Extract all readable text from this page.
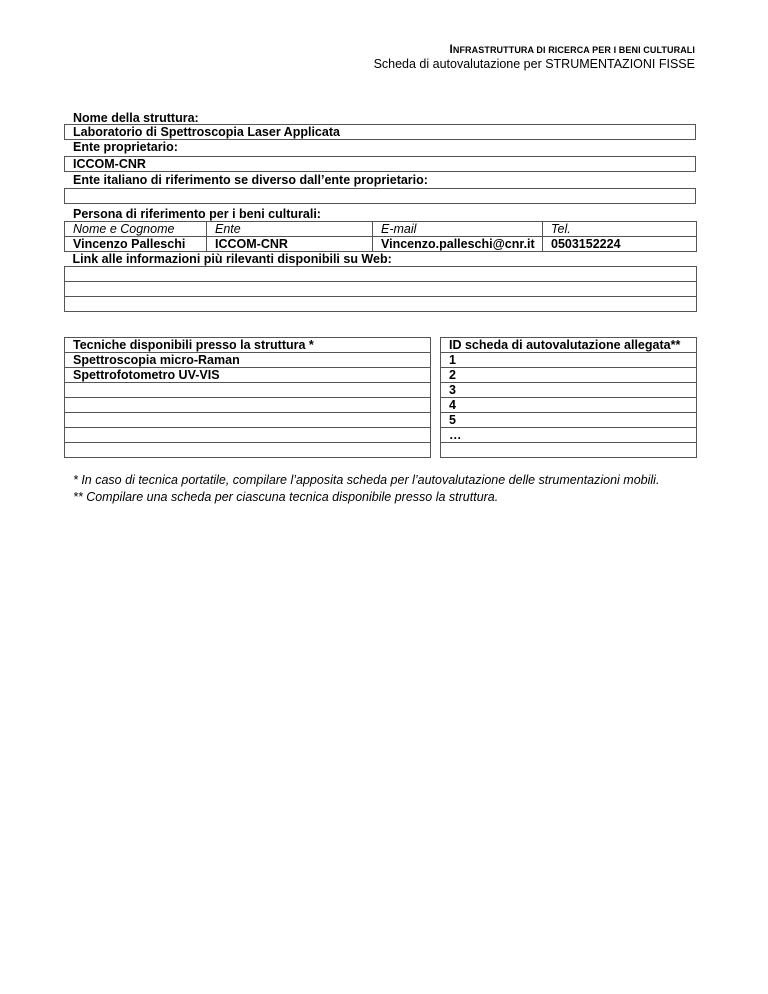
INFRASTRUTTURA DI RICERCA PER I BENI CULTURALI
Scheda di autovalutazione per STRUMENTAZIONI FISSE
Nome della struttura:
Laboratorio di Spettroscopia Laser Applicata
Ente proprietario:
ICCOM-CNR
Ente italiano di riferimento se diverso dall’ente proprietario:
Persona di riferimento per i beni culturali:
Nome e Cognome	Ente	E-mail	Tel.
Vincenzo Palleschi	ICCOM-CNR	Vincenzo.palleschi@cnr.it	0503152224
Link alle informazioni più rilevanti disponibili su Web:			

Tecniche disponibili presso la struttura *		ID scheda di autovalutazione allegata**
Spettroscopia micro-Raman		1
Spettrofotometro UV-VIS		2
		3
		4
		5
		…

* In caso di tecnica portatile, compilare l’apposita scheda per l’autovalutazione delle strumentazioni mobili.
** Compilare una scheda per ciascuna tecnica disponibile presso la struttura.
